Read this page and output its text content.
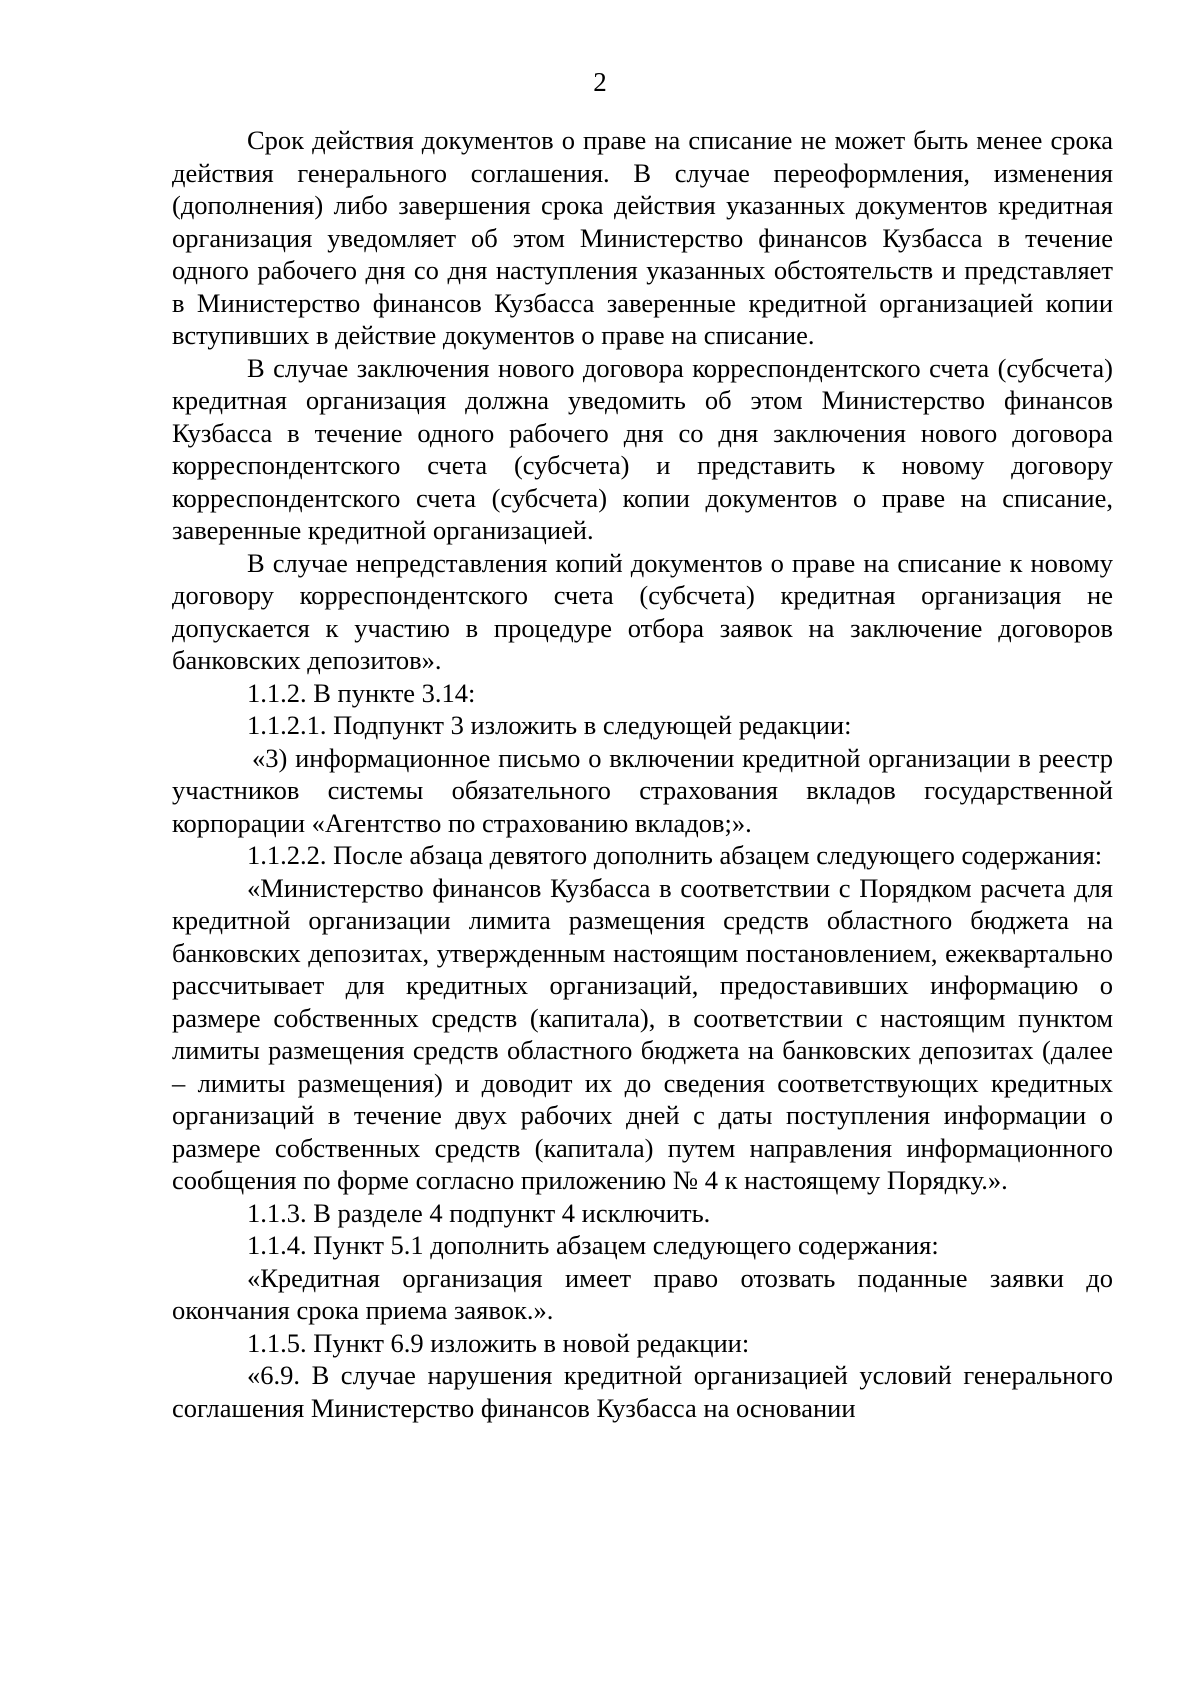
2

Срок действия документов о праве на списание не может быть менее срока действия генерального соглашения. В случае переоформления, изменения (дополнения) либо завершения срока действия указанных документов кредитная организация уведомляет об этом Министерство финансов Кузбасса в течение одного рабочего дня со дня наступления указанных обстоятельств и представляет в Министерство финансов Кузбасса заверенные кредитной организацией копии вступивших в действие документов о праве на списание.

В случае заключения нового договора корреспондентского счета (субсчета) кредитная организация должна уведомить об этом Министерство финансов Кузбасса в течение одного рабочего дня со дня заключения нового договора корреспондентского счета (субсчета) и представить к новому договору корреспондентского счета (субсчета) копии документов о праве на списание, заверенные кредитной организацией.

В случае непредставления копий документов о праве на списание к новому договору корреспондентского счета (субсчета) кредитная организация не допускается к участию в процедуре отбора заявок на заключение договоров банковских депозитов».

1.1.2. В пункте 3.14:

1.1.2.1. Подпункт 3 изложить в следующей редакции:

«3) информационное письмо о включении кредитной организации в реестр участников системы обязательного страхования вкладов государственной корпорации «Агентство по страхованию вкладов;».

1.1.2.2. После абзаца девятого дополнить абзацем следующего содержания:

«Министерство финансов Кузбасса в соответствии с Порядком расчета для кредитной организации лимита размещения средств областного бюджета на банковских депозитах, утвержденным настоящим постановлением, ежеквартально рассчитывает для кредитных организаций, предоставивших информацию о размере собственных средств (капитала), в соответствии с настоящим пунктом лимиты размещения средств областного бюджета на банковских депозитах (далее – лимиты размещения) и доводит их до сведения соответствующих кредитных организаций в течение двух рабочих дней с даты поступления информации о размере собственных средств (капитала) путем направления информационного сообщения по форме согласно приложению № 4 к настоящему Порядку.».

1.1.3. В разделе 4 подпункт 4 исключить.

1.1.4. Пункт 5.1 дополнить абзацем следующего содержания:

«Кредитная организация имеет право отозвать поданные заявки до окончания срока приема заявок.».

1.1.5. Пункт 6.9 изложить в новой редакции:

«6.9. В случае нарушения кредитной организацией условий генерального соглашения Министерство финансов Кузбасса на основании
